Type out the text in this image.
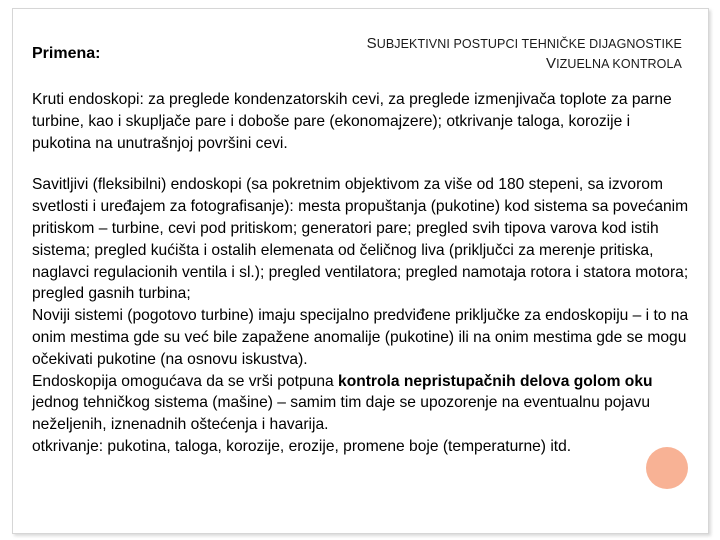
Primena:
SUBJEKTIVNI POSTUPCI TEHNIČKE DIJAGNOSTIKE
VIZUELNA KONTROLA

Kruti endoskopi: za preglede kondenzatorskih cevi, za preglede izmenjivača toplote za parne turbine, kao i skupljače pare i doboše pare (ekonomajzere); otkrivanje taloga, korozije i pukotina na unutrašnjoj površini cevi.

Savitljivi (fleksibilni) endoskopi (sa pokretnim objektivom za više od 180 stepeni, sa izvorom svetlosti i uređajem za fotografisanje): mesta propuštanja (pukotine) kod sistema sa povećanim pritiskom – turbine, cevi pod pritiskom; generatori pare; pregled svih tipova varova kod istih sistema; pregled kućišta i ostalih elemenata od čeličnog liva (priključci za merenje pritiska, naglavci regulacionih ventila i sl.); pregled ventilatora; pregled namotaja rotora i statora motora; pregled gasnih turbina;

Noviji sistemi (pogotovo turbine) imaju specijalno predviđene priključke za endoskopiju – i to na onim mestima gde su već bile zapažene anomalije (pukotine) ili na onim mestima gde se mogu očekivati pukotine (na osnovu iskustva).

Endoskopija omogućava da se vrši potpuna kontrola nepristupačnih delova golom oku jednog tehničkog sistema (mašine) – samim tim daje se upozorenje na eventualnu pojavu neželjenih, iznenadnih oštećenja i havarija.

otkrivanje: pukotina, taloga, korozije, erozije, promene boje (temperaturne) itd.
